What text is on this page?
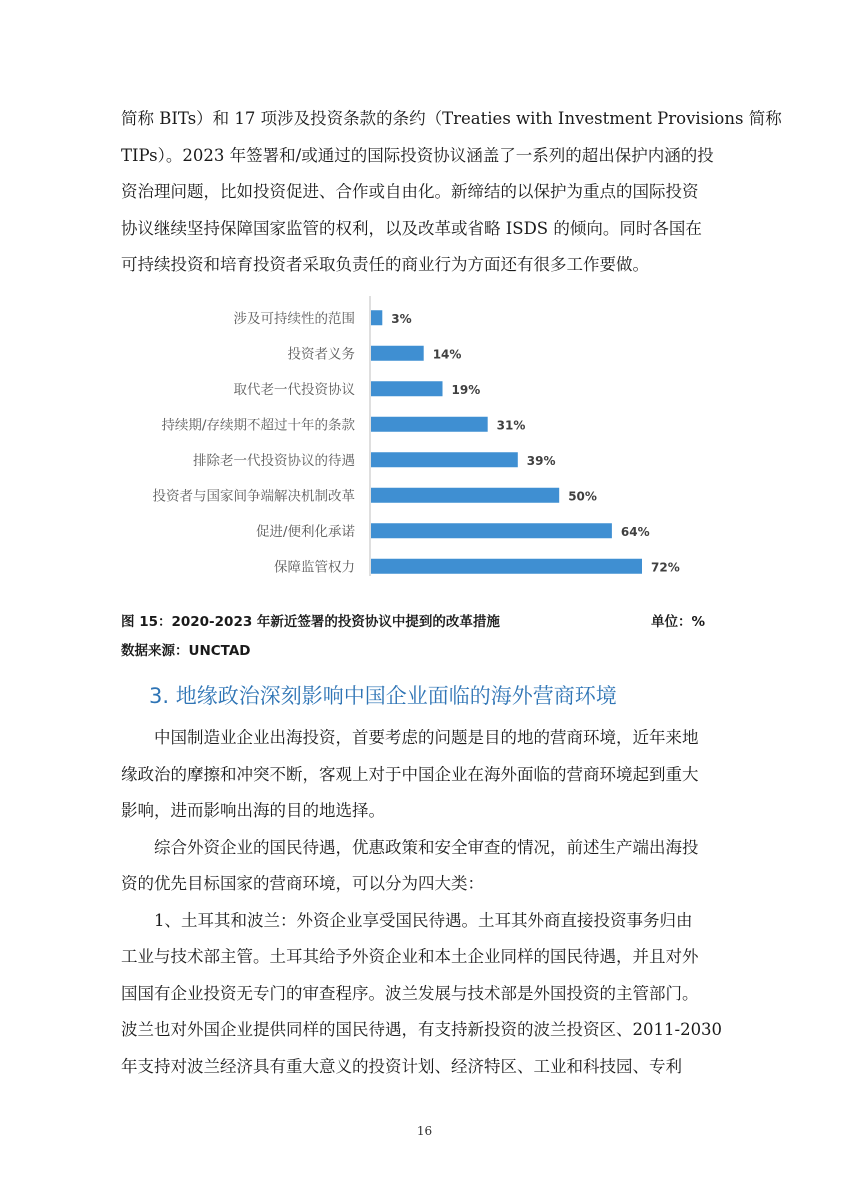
简称 BITs）和 17 项涉及投资条款的条约（Treaties with Investment Provisions 简称

TIPs）。2023 年签署和/或通过的国际投资协议涵盖了一系列的超出保护内涵的投

资治理问题，比如投资促进、合作或自由化。新缔结的以保护为重点的国际投资

协议继续坚持保障国家监管的权利，以及改革或省略 ISDS 的倾向。同时各国在

可持续投资和培育投资者采取负责任的商业行为方面还有很多工作要做。

涉及可持续性的范围	3%
投资者义务	14%
取代老一代投资协议	19%
持续期/存续期不超过十年的条款	31%
排除老一代投资协议的待遇	39%
投资者与国家间争端解决机制改革	50%
促进/便利化承诺	64%
保障监管权力	72%
图 15：2020-2023 年新近签署的投资协议中提到的改革措施	单位：%
数据来源：UNCTAD
3. 地缘政治深刻影响中国企业面临的海外营商环境

　　中国制造业企业出海投资，首要考虑的问题是目的地的营商环境，近年来地

缘政治的摩擦和冲突不断，客观上对于中国企业在海外面临的营商环境起到重大

影响，进而影响出海的目的地选择。

　　综合外资企业的国民待遇，优惠政策和安全审查的情况，前述生产端出海投

资的优先目标国家的营商环境，可以分为四大类：

　　1、土耳其和波兰：外资企业享受国民待遇。土耳其外商直接投资事务归由

工业与技术部主管。土耳其给予外资企业和本土企业同样的国民待遇，并且对外

国国有企业投资无专门的审查程序。波兰发展与技术部是外国投资的主管部门。

波兰也对外国企业提供同样的国民待遇，有支持新投资的波兰投资区、2011-2030

年支持对波兰经济具有重大意义的投资计划、经济特区、工业和科技园、专利

16
